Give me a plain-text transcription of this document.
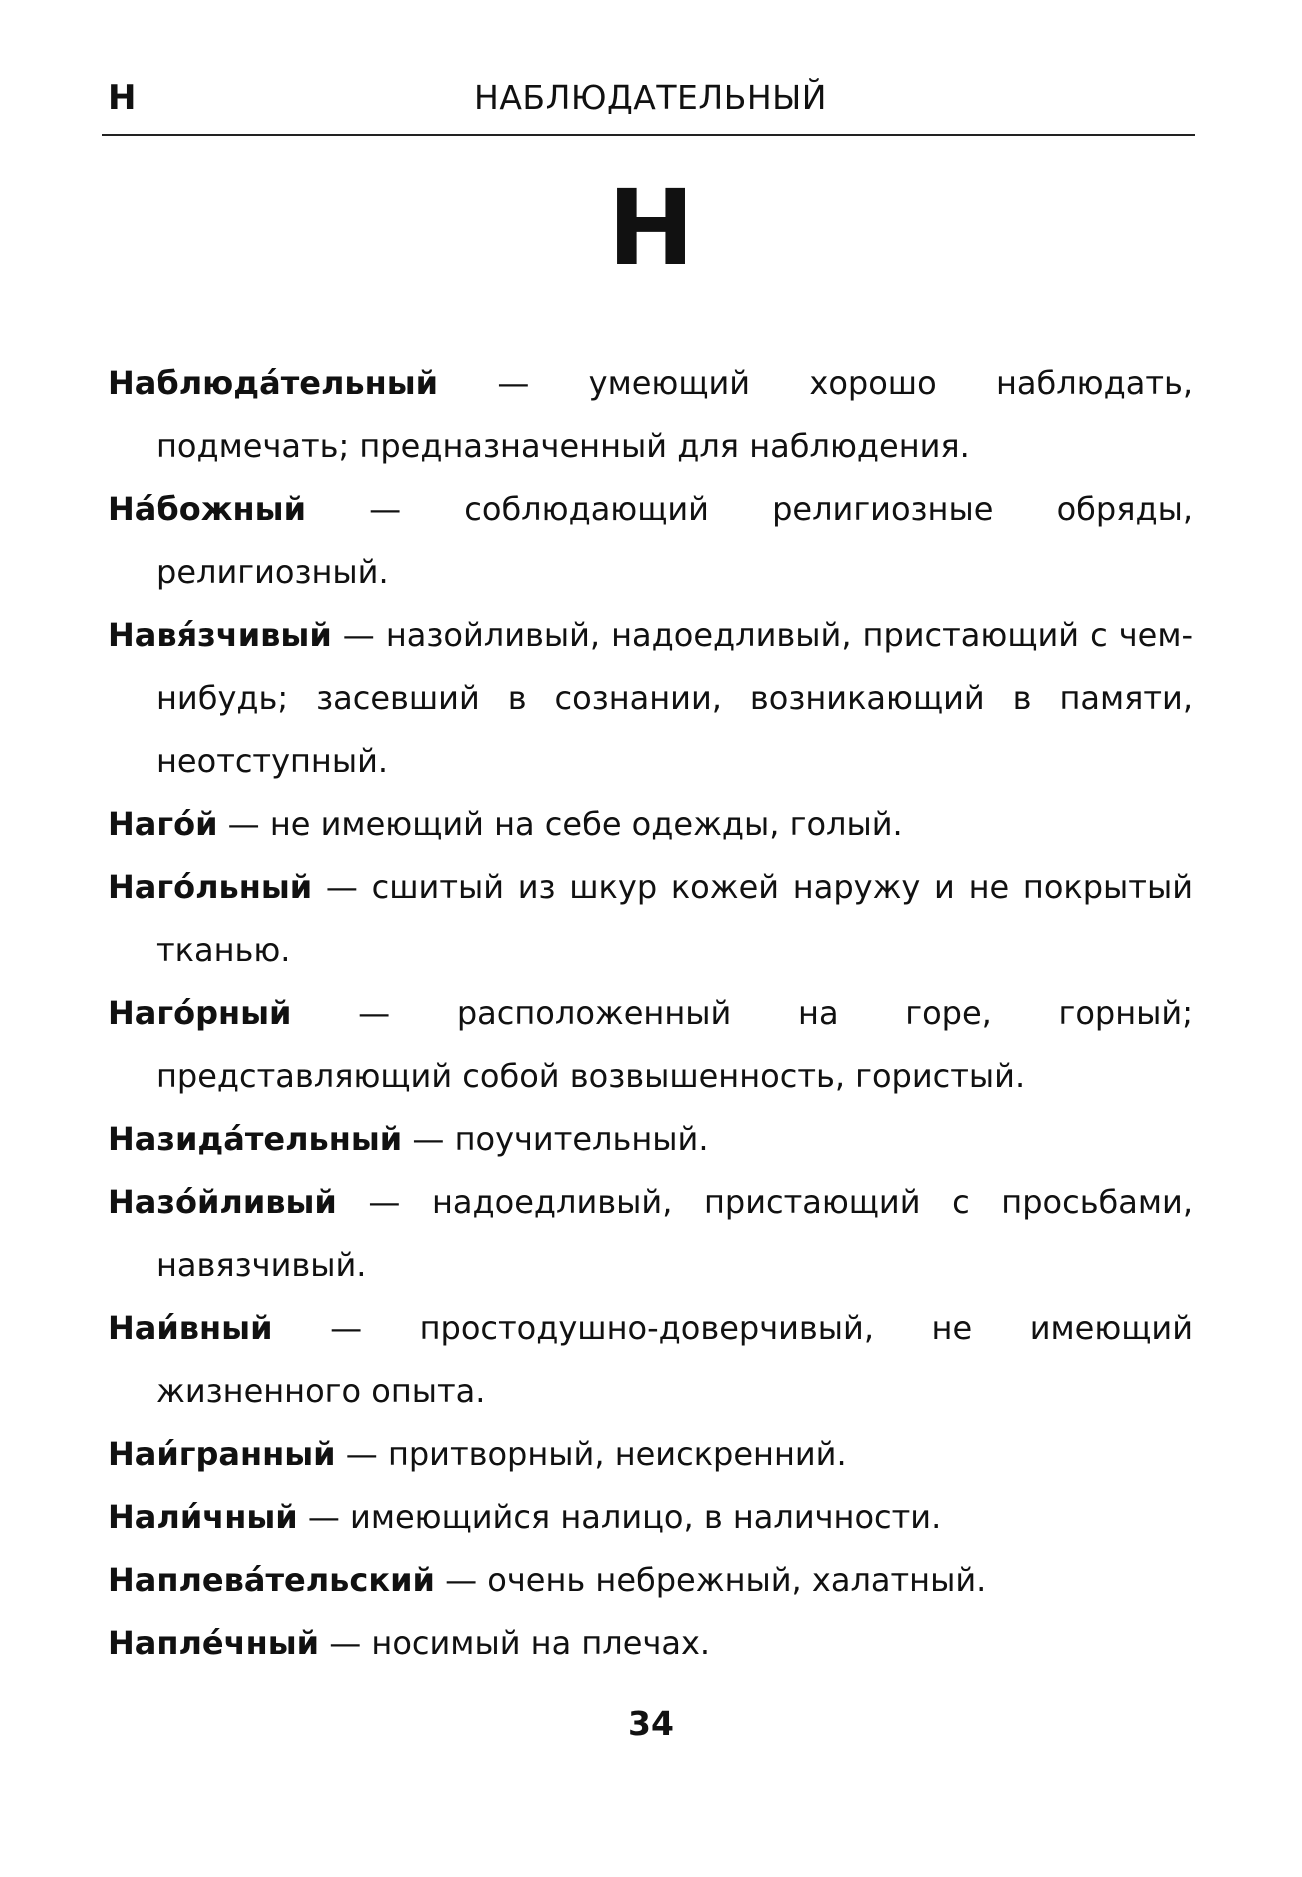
Н	НАБЛЮДАТЕЛЬНЫЙ
Н

Наблюда́тельный — умеющий хорошо наблюдать, подмечать; предназначенный для наблюдения.

На́божный — соблюдающий религиозные обряды, религиозный.

Навя́зчивый — назойливый, надоедливый, пристающий с чем-нибудь; засевший в сознании, возникающий в памяти, неотступный.

Наго́й — не имеющий на себе одежды, голый.

Наго́льный — сшитый из шкур кожей наружу и не покрытый тканью.

Наго́рный — расположенный на горе, горный; представляющий собой возвышенность, гористый.

Назида́тельный — поучительный.

Назо́йливый — надоедливый, пристающий с просьбами, навязчивый.

Наи́вный — простодушно-доверчивый, не имеющий жизненного опыта.

Наи́гранный — притворный, неискренний.

Нали́чный — имеющийся налицо, в наличности.

Наплева́тельский — очень небрежный, халатный.

Напле́чный — носимый на плечах.

34
